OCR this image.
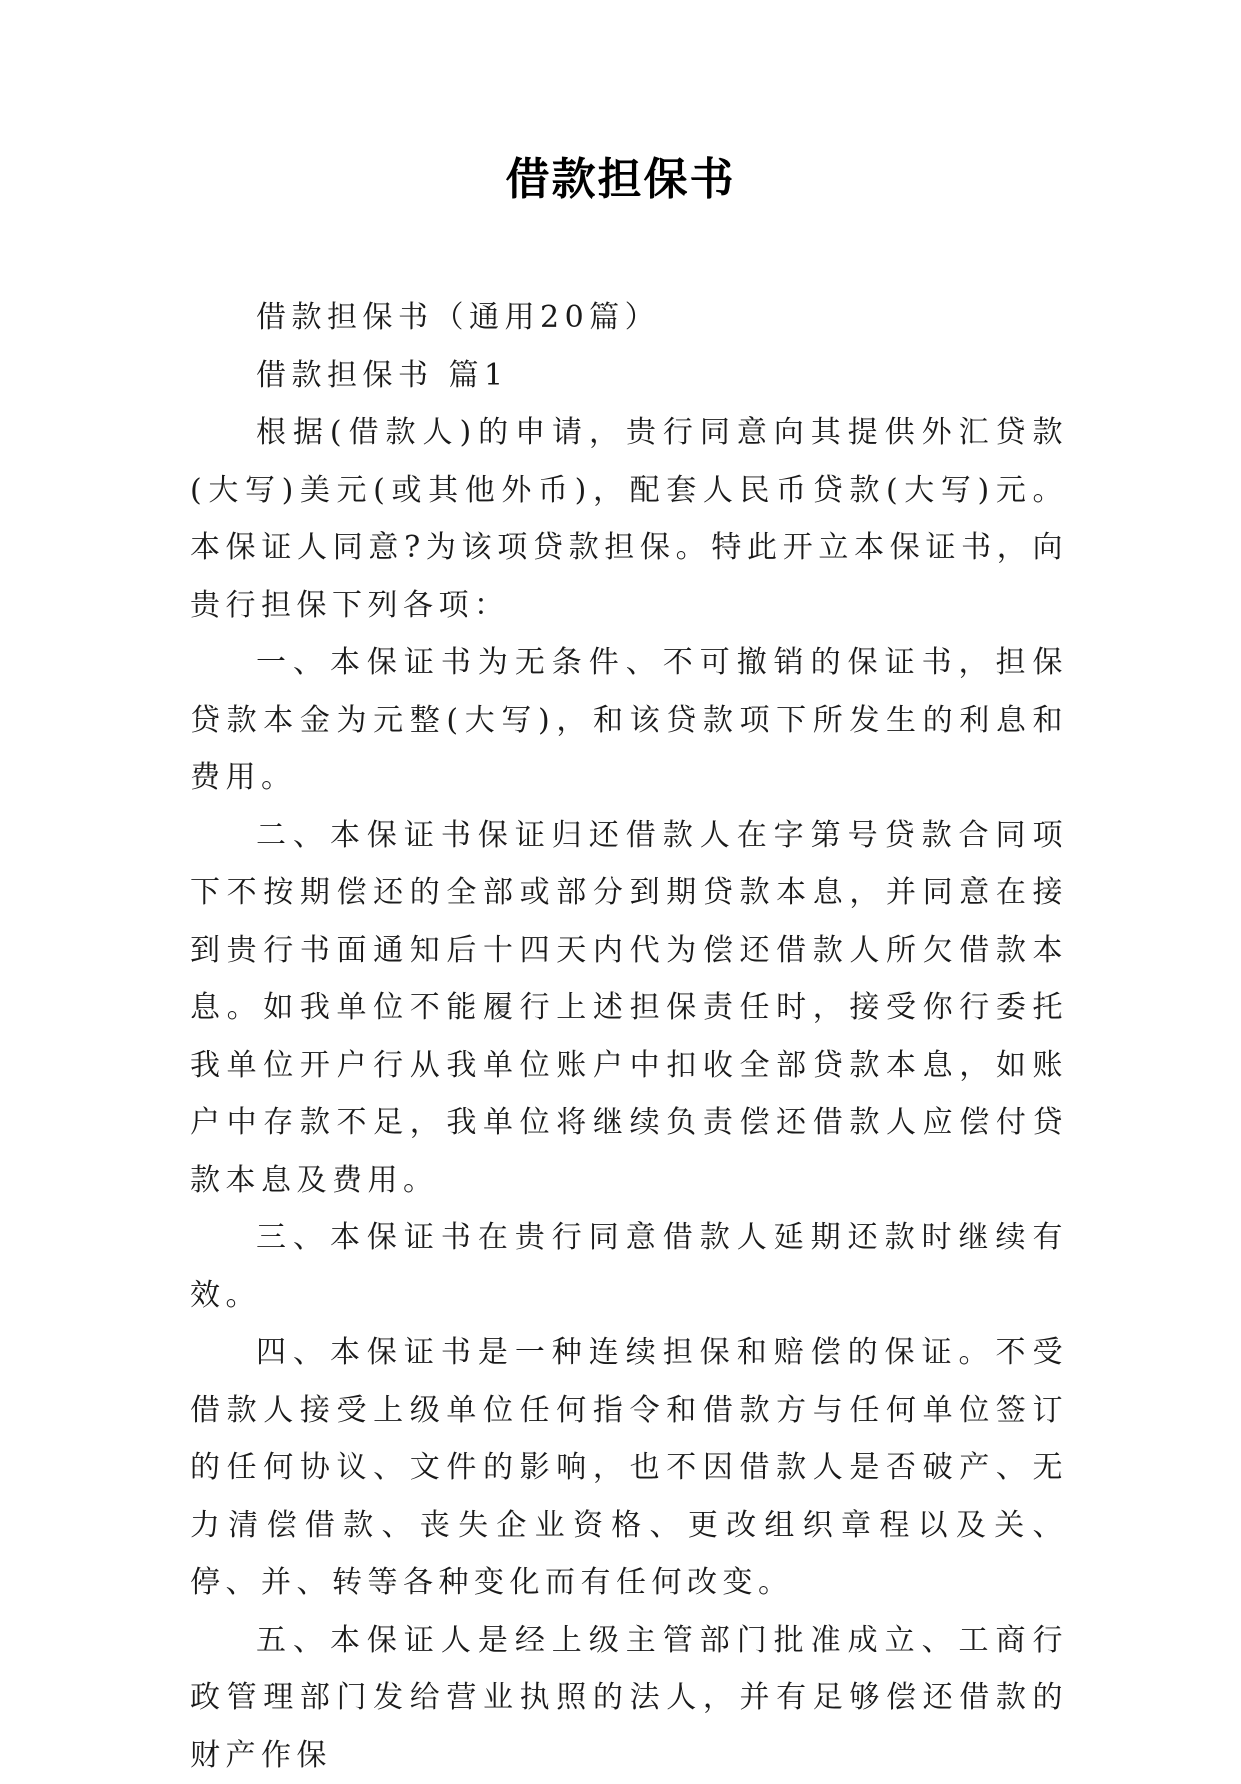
借款担保书

借款担保书（通用20篇）

借款担保书 篇1

根据(借款人)的申请，贵行同意向其提供外汇贷款(大写)美元(或其他外币)，配套人民币贷款(大写)元。本保证人同意?为该项贷款担保。特此开立本保证书，向贵行担保下列各项：

一、本保证书为无条件、不可撤销的保证书，担保贷款本金为元整(大写)，和该贷款项下所发生的利息和费用。

二、本保证书保证归还借款人在字第号贷款合同项下不按期偿还的全部或部分到期贷款本息，并同意在接到贵行书面通知后十四天内代为偿还借款人所欠借款本息。如我单位不能履行上述担保责任时，接受你行委托我单位开户行从我单位账户中扣收全部贷款本息，如账户中存款不足，我单位将继续负责偿还借款人应偿付贷款本息及费用。

三、本保证书在贵行同意借款人延期还款时继续有效。

四、本保证书是一种连续担保和赔偿的保证。不受借款人接受上级单位任何指令和借款方与任何单位签订的任何协议、文件的影响，也不因借款人是否破产、无力清偿借款、丧失企业资格、更改组织章程以及关、停、并、转等各种变化而有任何改变。

五、本保证人是经上级主管部门批准成立、工商行政管理部门发给营业执照的法人，并有足够偿还借款的财产作保
